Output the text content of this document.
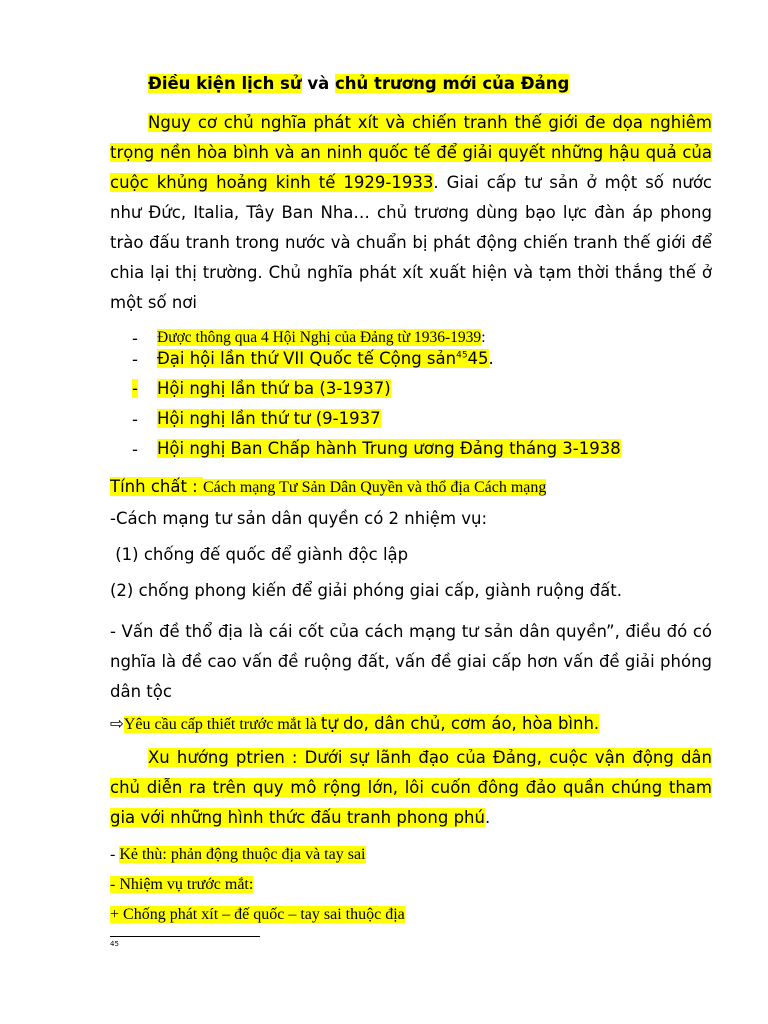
Điều kiện lịch sử và chủ trương mới của Đảng
Nguy cơ chủ nghĩa phát xít và chiến tranh thế giới đe dọa nghiêm trọng nền hòa bình và an ninh quốc tế để giải quyết những hậu quả của cuộc khủng hoảng kinh tế 1929-1933. Giai cấp tư sản ở một số nước như Đức, Italia, Tây Ban Nha… chủ trương dùng bạo lực đàn áp phong trào đấu tranh trong nước và chuẩn bị phát động chiến tranh thế giới để chia lại thị trường. Chủ nghĩa phát xít xuất hiện và tạm thời thắng thế ở một số nơi
- Được thông qua 4 Hội Nghị của Đảng từ 1936-1939:
- Đại hội lần thứ VII Quốc tế Cộng sản$^{45}$45.
- Hội nghị lần thứ ba (3-1937)
- Hội nghị lần thứ tư (9-1937
- Hội nghị Ban Chấp hành Trung ương Đảng tháng 3-1938
Tính chất : Cách mạng Tư Sản Dân Quyền và thổ địa Cách mạng
-Cách mạng tư sản dân quyền có 2 nhiệm vụ:
(1) chống đế quốc để giành độc lập
(2) chống phong kiến để giải phóng giai cấp, giành ruộng đất.
- Vấn đề thổ địa là cái cốt của cách mạng tư sản dân quyền”, điều đó có nghĩa là đề cao vấn đề ruộng đất, vấn đề giai cấp hơn vấn đề giải phóng dân tộc
⇨Yêu cầu cấp thiết trước mắt là tự do, dân chủ, cơm áo, hòa bình.
Xu hướng ptrien : Dưới sự lãnh đạo của Đảng, cuộc vận động dân chủ diễn ra trên quy mô rộng lớn, lôi cuốn đông đảo quần chúng tham gia với những hình thức đấu tranh phong phú.
- Kẻ thù: phản động thuộc địa và tay sai
- Nhiệm vụ trước mắt:
+ Chống phát xít – đế quốc – tay sai thuộc địa
45
